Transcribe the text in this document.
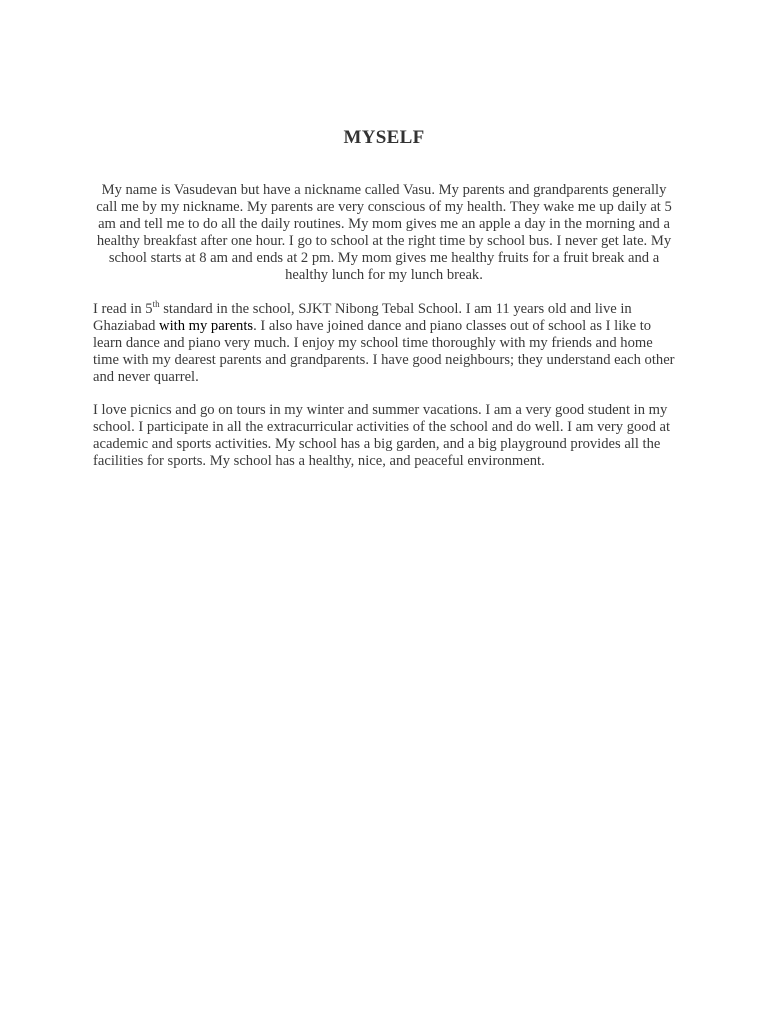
MYSELF

My name is Vasudevan but have a nickname called Vasu. My parents and grandparents generally call me by my nickname. My parents are very conscious of my health. They wake me up daily at 5 am and tell me to do all the daily routines. My mom gives me an apple a day in the morning and a healthy breakfast after one hour. I go to school at the right time by school bus. I never get late. My school starts at 8 am and ends at 2 pm. My mom gives me healthy fruits for a fruit break and a healthy lunch for my lunch break.

I read in 5th standard in the school, SJKT Nibong Tebal School. I am 11 years old and live in Ghaziabad with my parents. I also have joined dance and piano classes out of school as I like to learn dance and piano very much. I enjoy my school time thoroughly with my friends and home time with my dearest parents and grandparents. I have good neighbours; they understand each other and never quarrel.

I love picnics and go on tours in my winter and summer vacations. I am a very good student in my school. I participate in all the extracurricular activities of the school and do well. I am very good at academic and sports activities. My school has a big garden, and a big playground provides all the facilities for sports. My school has a healthy, nice, and peaceful environment.
